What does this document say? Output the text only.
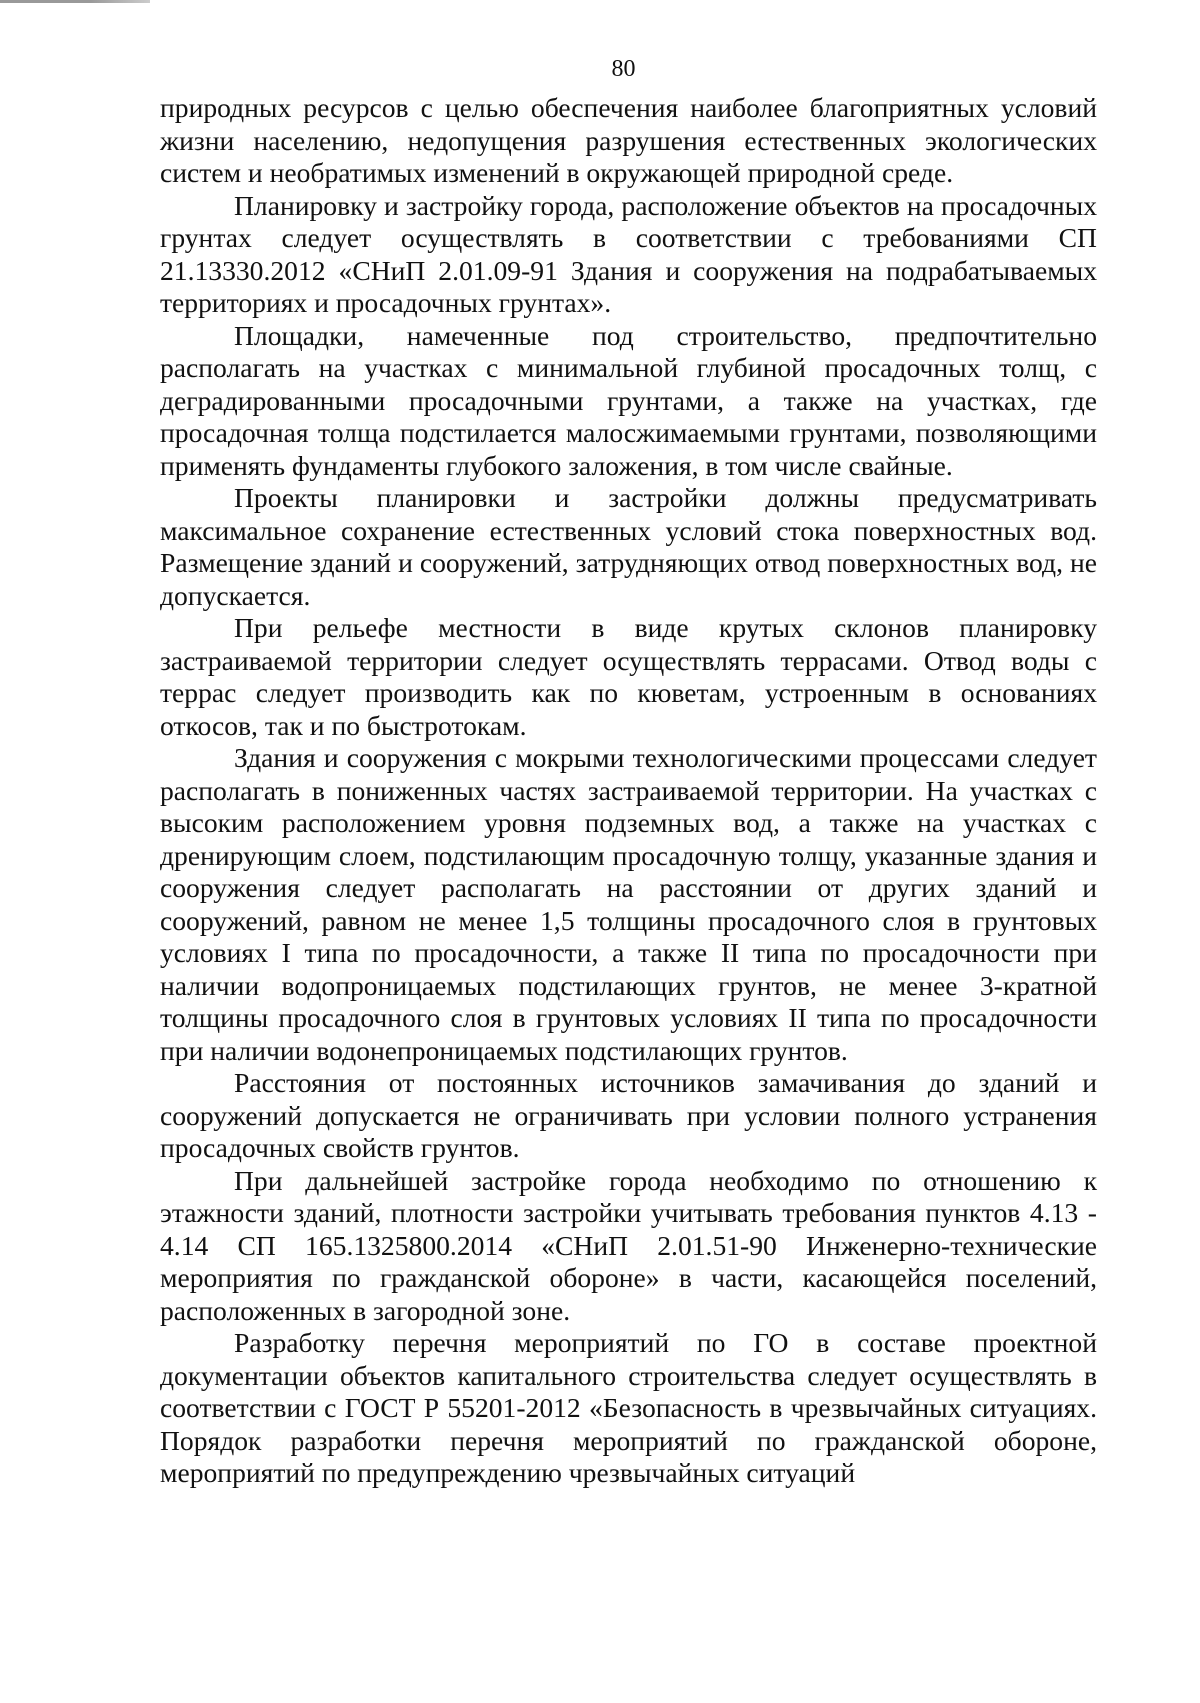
80

природных ресурсов с целью обеспечения наиболее благоприятных условий жизни населению, недопущения разрушения естественных экологических систем и необратимых изменений в окружающей природной среде.

Планировку и застройку города, расположение объектов на просадочных грунтах следует осуществлять в соответствии с требованиями СП 21.13330.2012 «СНиП 2.01.09-91 Здания и сооружения на подрабатываемых территориях и просадочных грунтах».

Площадки, намеченные под строительство, предпочтительно располагать на участках с минимальной глубиной просадочных толщ, с деградированными просадочными грунтами, а также на участках, где просадочная толща подстилается малосжимаемыми грунтами, позволяющими применять фундаменты глубокого заложения, в том числе свайные.

Проекты планировки и застройки должны предусматривать максимальное сохранение естественных условий стока поверхностных вод. Размещение зданий и сооружений, затрудняющих отвод поверхностных вод, не допускается.

При рельефе местности в виде крутых склонов планировку застраиваемой территории следует осуществлять террасами. Отвод воды с террас следует производить как по кюветам, устроенным в основаниях откосов, так и по быстротокам.

Здания и сооружения с мокрыми технологическими процессами следует располагать в пониженных частях застраиваемой территории. На участках с высоким расположением уровня подземных вод, а также на участках с дренирующим слоем, подстилающим просадочную толщу, указанные здания и сооружения следует располагать на расстоянии от других зданий и сооружений, равном не менее 1,5 толщины просадочного слоя в грунтовых условиях I типа по просадочности, а также II типа по просадочности при наличии водопроницаемых подстилающих грунтов, не менее 3-кратной толщины просадочного слоя в грунтовых условиях II типа по просадочности при наличии водонепроницаемых подстилающих грунтов.

Расстояния от постоянных источников замачивания до зданий и сооружений допускается не ограничивать при условии полного устранения просадочных свойств грунтов.

При дальнейшей застройке города необходимо по отношению к этажности зданий, плотности застройки учитывать требования пунктов 4.13 - 4.14 СП 165.1325800.2014 «СНиП 2.01.51-90 Инженерно-технические мероприятия по гражданской обороне» в части, касающейся поселений, расположенных в загородной зоне.

Разработку перечня мероприятий по ГО в составе проектной документации объектов капитального строительства следует осуществлять в соответствии с ГОСТ Р 55201-2012 «Безопасность в чрезвычайных ситуациях. Порядок разработки перечня мероприятий по гражданской обороне, мероприятий по предупреждению чрезвычайных ситуаций
